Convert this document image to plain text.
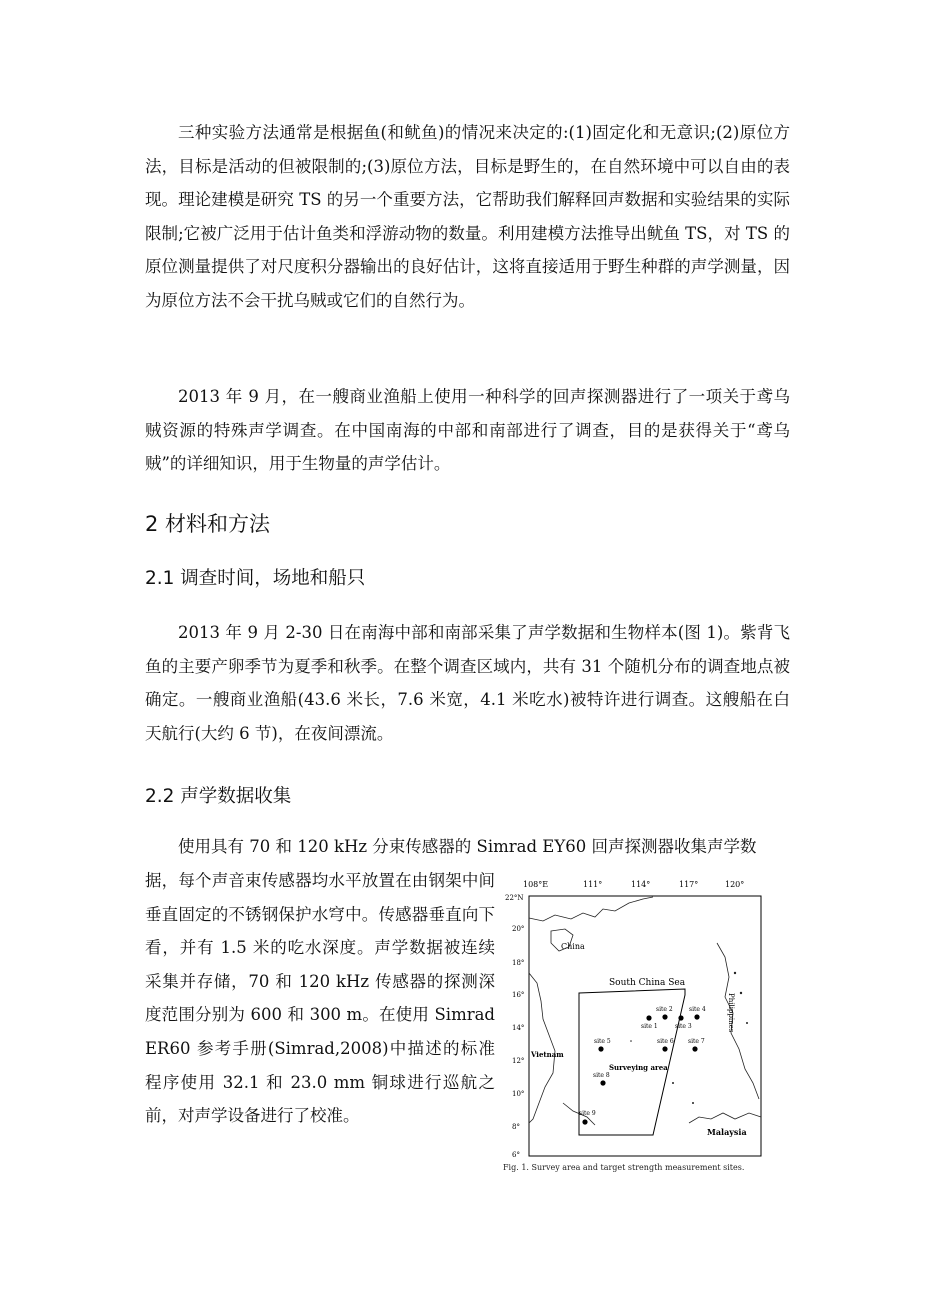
三种实验方法通常是根据鱼(和鱿鱼)的情况来决定的:(1)固定化和无意识;(2)原位方法，目标是活动的但被限制的;(3)原位方法，目标是野生的，在自然环境中可以自由的表现。理论建模是研究 TS 的另一个重要方法，它帮助我们解释回声数据和实验结果的实际限制;它被广泛用于估计鱼类和浮游动物的数量。利用建模方法推导出鱿鱼 TS，对 TS 的原位测量提供了对尺度积分器输出的良好估计，这将直接适用于野生种群的声学测量，因为原位方法不会干扰乌贼或它们的自然行为。

2013 年 9 月，在一艘商业渔船上使用一种科学的回声探测器进行了一项关于鸢乌贼资源的特殊声学调查。在中国南海的中部和南部进行了调查，目的是获得关于“鸢乌贼”的详细知识，用于生物量的声学估计。

2 材料和方法
2.1 调查时间，场地和船只

2013 年 9 月 2-30 日在南海中部和南部采集了声学数据和生物样本(图 1)。紫背飞鱼的主要产卵季节为夏季和秋季。在整个调查区域内，共有 31 个随机分布的调查地点被确定。一艘商业渔船(43.6 米长，7.6 米宽，4.1 米吃水)被特许进行调查。这艘船在白天航行(大约 6 节)，在夜间漂流。

2.2 声学数据收集

使用具有 70 和 120 kHz 分束传感器的 Simrad EY60 回声探测器收集声学数

据，每个声音束传感器均水平放置在由钢架中间垂直固定的不锈钢保护水穹中。传感器垂直向下看，并有 1.5 米的吃水深度。声学数据被连续采集并存储，70 和 120 kHz 传感器的探测深度范围分别为 600 和 300 m。在使用 Simrad ER60 参考手册(Simrad,2008)中描述的标准程序使用 32.1 和 23.0 mm 铜球进行巡航之前，对声学设备进行了校准。

108°E	111°	114°	117°	120°
22°N
20°
18°
16°
14°
12°
10°
8°
6°
China
South China Sea
Philippines
Vietnam
Surveying area
Malaysia
site 1
site 2
site 3
site 4
site 5	site 6 site 7
site 8
site 9
Fig. 1. Survey area and target strength measurement sites.
